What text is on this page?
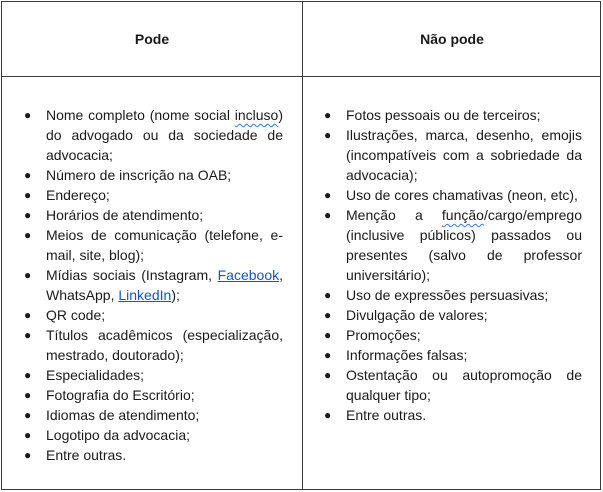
Pode	Não pode
● Nome completo (nome social incluso) do advogado ou da sociedade de advocacia;
● Número de inscrição na OAB;
● Endereço;
● Horários de atendimento;
● Meios de comunicação (telefone, e-mail, site, blog);
● Mídias sociais (Instagram, Facebook, WhatsApp, LinkedIn);
● QR code;
● Títulos acadêmicos (especialização, mestrado, doutorado);
● Especialidades;
● Fotografia do Escritório;
● Idiomas de atendimento;
● Logotipo da advocacia;
● Entre outras.
● Fotos pessoais ou de terceiros;
● Ilustrações, marca, desenho, emojis (incompatíveis com a sobriedade da advocacia);
● Uso de cores chamativas (neon, etc),
● Menção a função/cargo/emprego (inclusive públicos) passados ou presentes (salvo de professor universitário);
● Uso de expressões persuasivas;
● Divulgação de valores;
● Promoções;
● Informações falsas;
● Ostentação ou autopromoção de qualquer tipo;
● Entre outras.
